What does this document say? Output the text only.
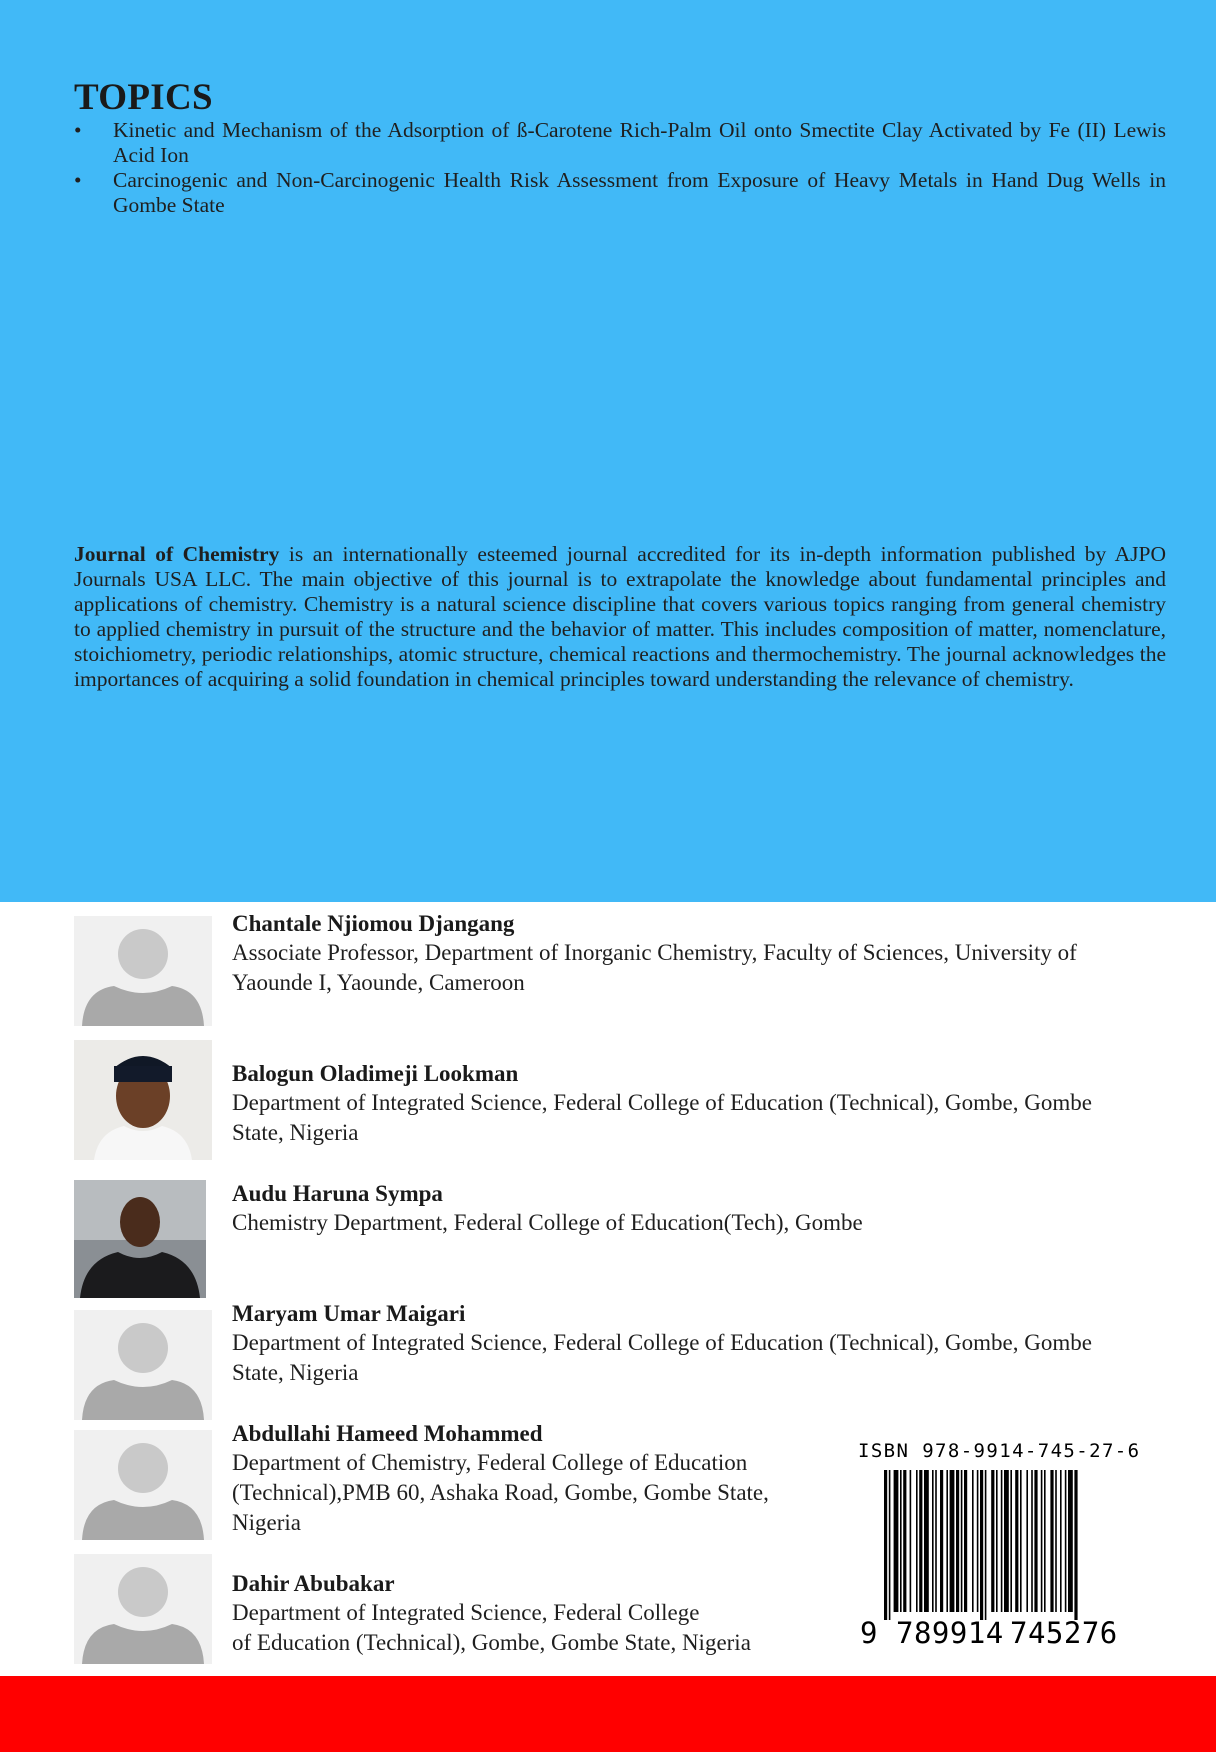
TOPICS
• Kinetic and Mechanism of the Adsorption of ß-Carotene Rich-Palm Oil onto Smectite Clay Activated by Fe (II) Lewis Acid Ion
• Carcinogenic and Non-Carcinogenic Health Risk Assessment from Exposure of Heavy Metals in Hand Dug Wells in Gombe State

Journal of Chemistry is an internationally esteemed journal accredited for its in-depth information published by AJPO Journals USA LLC. The main objective of this journal is to extrapolate the knowledge about fundamental principles and applications of chemistry. Chemistry is a natural science discipline that covers various topics ranging from general chemistry to applied chemistry in pursuit of the structure and the behavior of matter. This includes composition of matter, nomenclature, stoichiometry, periodic relationships, atomic structure, chemical reactions and thermochemistry. The journal acknowledges the importances of acquiring a solid foundation in chemical principles toward understanding the relevance of chemistry.

Chantale Njiomou Djangang
Associate Professor, Department of Inorganic Chemistry, Faculty of Sciences, University of
Yaounde I, Yaounde, Cameroon
Balogun Oladimeji Lookman
Department of Integrated Science, Federal College of Education (Technical), Gombe, Gombe
State, Nigeria
Audu Haruna Sympa
Chemistry Department, Federal College of Education(Tech), Gombe
Maryam Umar Maigari
Department of Integrated Science, Federal College of Education (Technical), Gombe, Gombe
State, Nigeria
Abdullahi Hameed Mohammed
Department of Chemistry, Federal College of Education
(Technical),PMB 60, Ashaka Road, Gombe, Gombe State,
Nigeria
Dahir Abubakar
Department of Integrated Science, Federal College
of Education (Technical), Gombe, Gombe State, Nigeria
ISBN 978-9914-745-27-6
9 789914 745276
